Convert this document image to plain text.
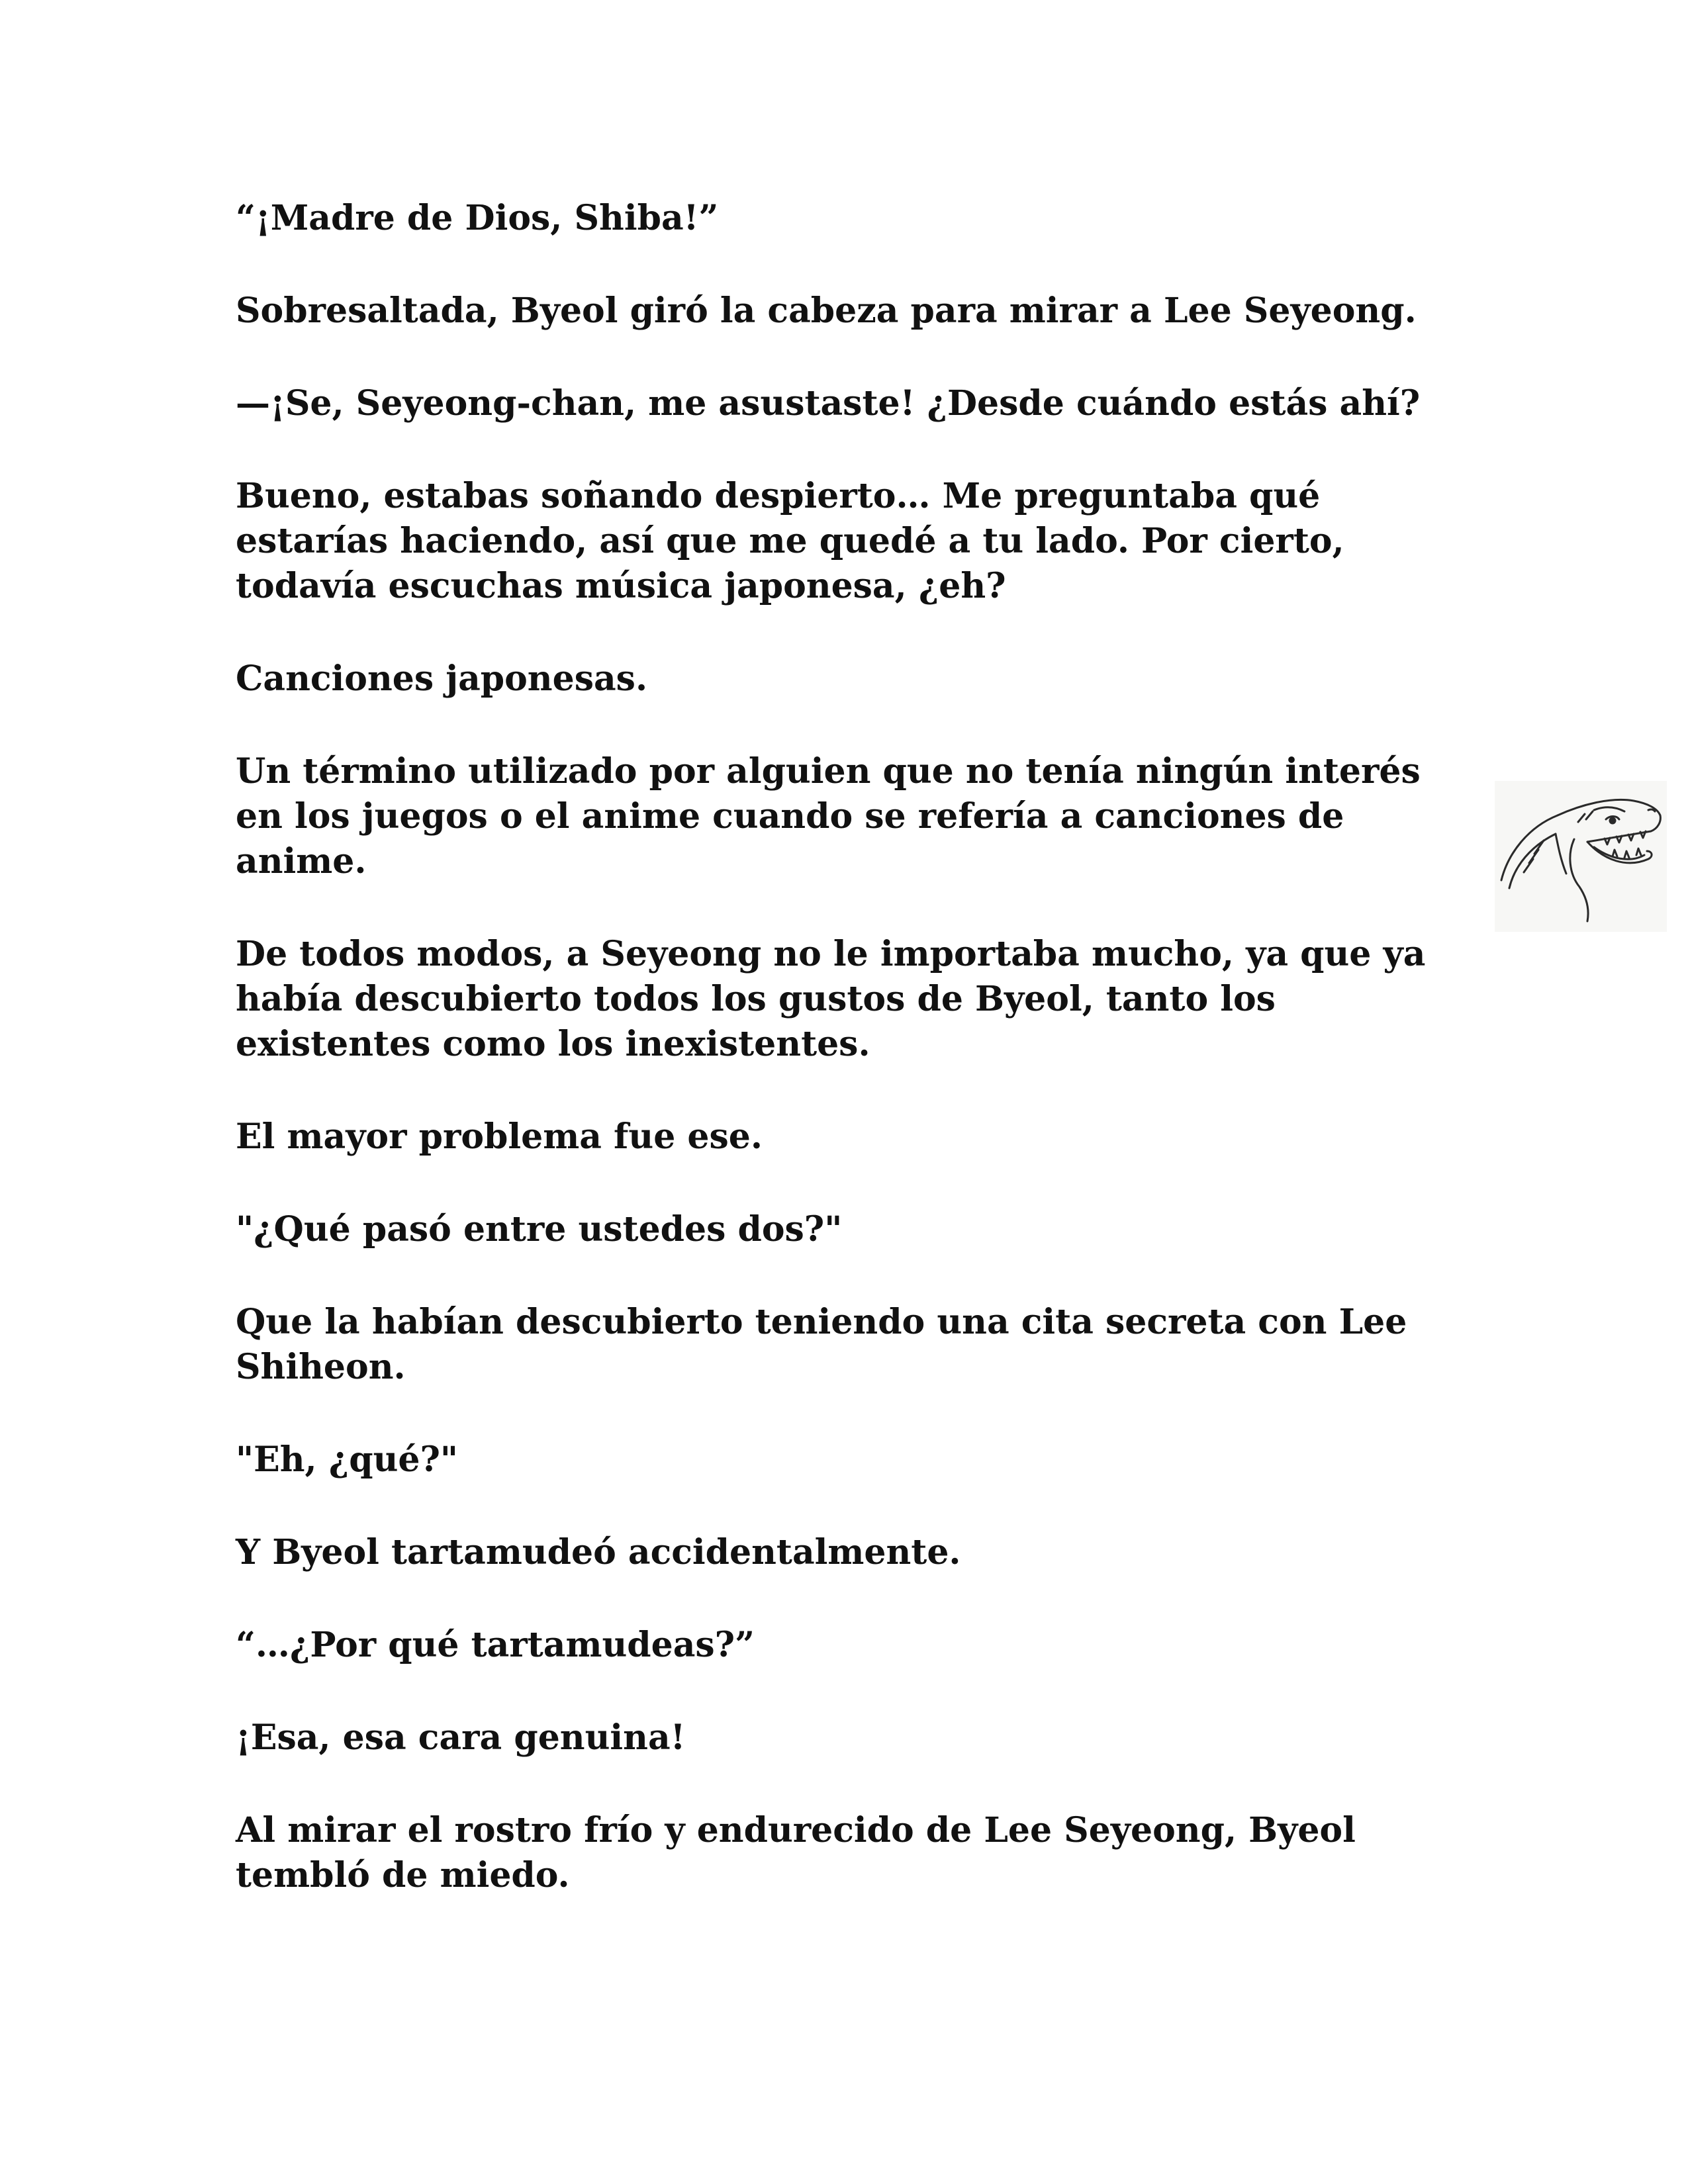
“¡Madre de Dios, Shiba!”

Sobresaltada, Byeol giró la cabeza para mirar a Lee Seyeong.

—¡Se, Seyeong-chan, me asustaste! ¿Desde cuándo estás ahí?

Bueno, estabas soñando despierto… Me preguntaba qué
estarías haciendo, así que me quedé a tu lado. Por cierto,
todavía escuchas música japonesa, ¿eh?

Canciones japonesas.

Un término utilizado por alguien que no tenía ningún interés
en los juegos o el anime cuando se refería a canciones de
anime.

De todos modos, a Seyeong no le importaba mucho, ya que ya
había descubierto todos los gustos de Byeol, tanto los
existentes como los inexistentes.

El mayor problema fue ese.

"¿Qué pasó entre ustedes dos?"

Que la habían descubierto teniendo una cita secreta con Lee
Shiheon.

"Eh, ¿qué?"

Y Byeol tartamudeó accidentalmente.

“…¿Por qué tartamudeas?”

¡Esa, esa cara genuina!

Al mirar el rostro frío y endurecido de Lee Seyeong, Byeol
tembló de miedo.
